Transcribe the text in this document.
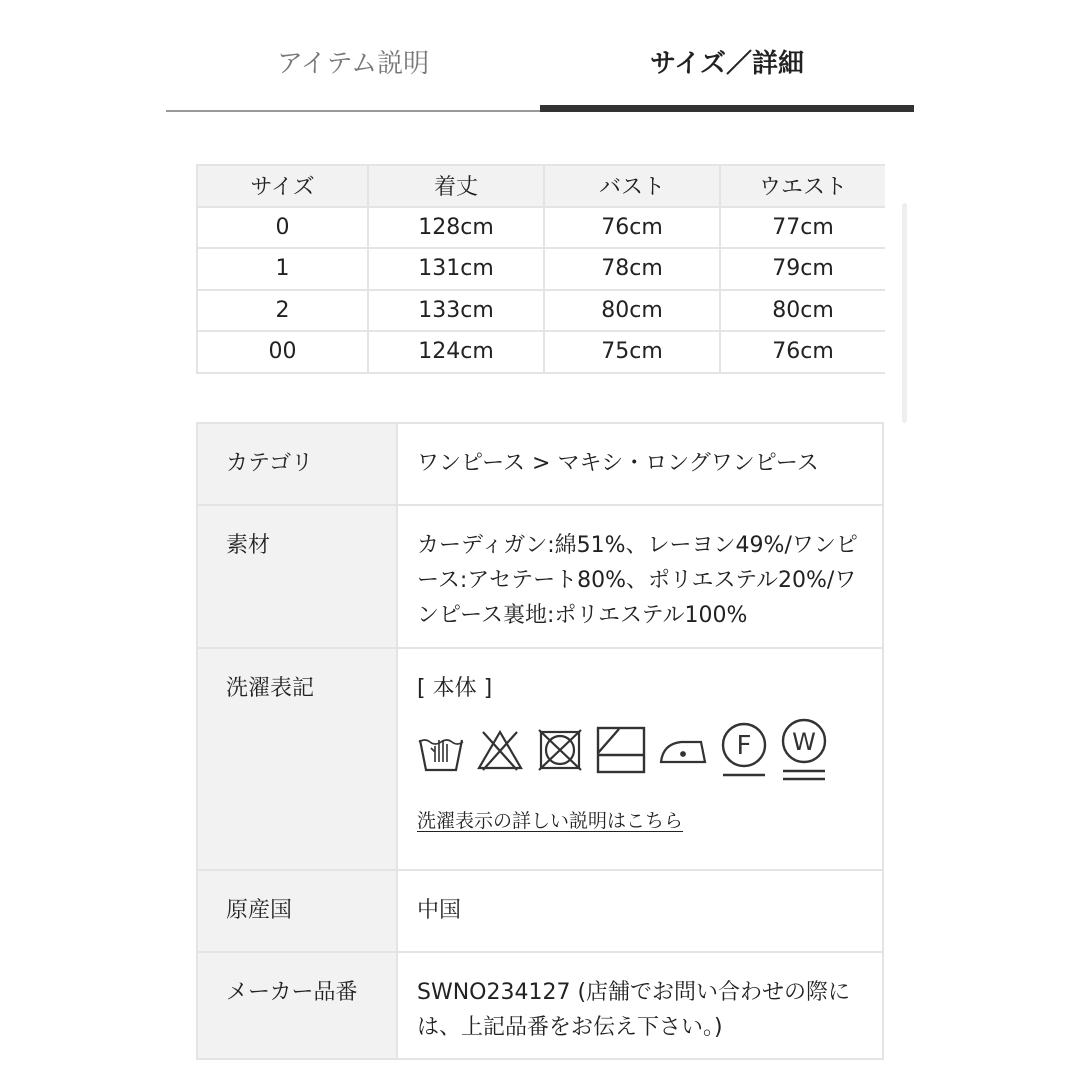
アイテム説明	サイズ／詳細
サイズ	着丈	バスト	ウエスト
0	128cm	76cm	77cm
1	131cm	78cm	79cm
2	133cm	80cm	80cm
00	124cm	75cm	76cm
カテゴリ	ワンピース > マキシ・ロングワンピース
素材	カーディガン:綿51%、レーヨン49%/ワンピース:アセテート80%、ポリエステル20%/ワンピース裏地:ポリエステル100%
洗濯表記	[ 本体 ]
F W
洗濯表示の詳しい説明はこちら
原産国	中国
メーカー品番	SWNO234127 (店舗でお問い合わせの際には、上記品番をお伝え下さい。)
